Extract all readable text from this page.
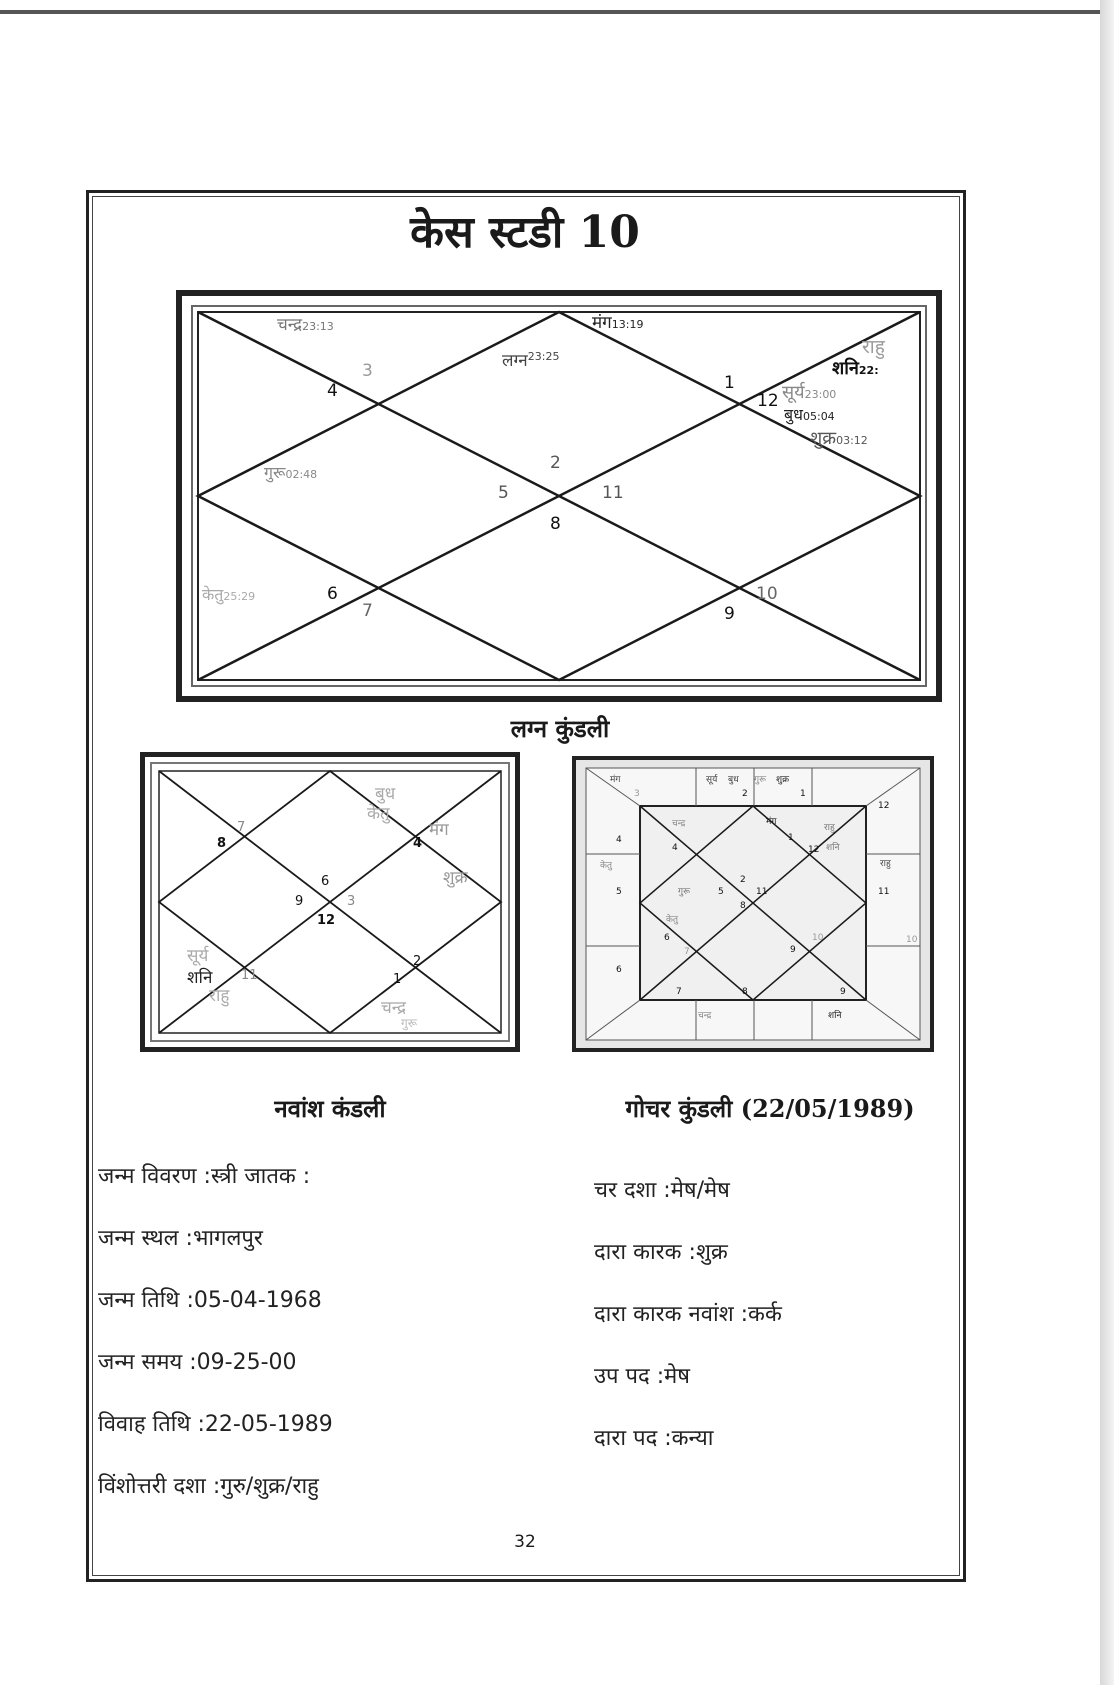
केस स्टडी 10
4
3
1
12
2
5	11
8
6
7
10
9
चन्द्र23:13	मंग13:19
लग्न$^{23:25}$	राहु
शनि22:
सूर्य23:00
बुध05:04
शुक्र03:12
गुरू02:48
केतु25:29
लग्न कुंडली
7
8	4
6
9	3
12
11
2
1
बुध
केतु
मंग
शुक्र
सूर्य
शनि
राहु
चन्द्र
गुरू
नवांश कंडली
3	2	1
12
4
5	11
6
7	8	9
10
4
1
12
2
5	11
8
6
7	9
10
मंग	सूर्य बुध गुरू शुक्र
चन्द्र	मंग
राहु
शनि
केतु	राहु
गुरू
केतु
चन्द्र	शनि
गोचर कुंडली (22/05/1989)
जन्म विवरण :स्त्री जातक :
जन्म स्थल :भागलपुर
जन्म तिथि :05-04-1968
जन्म समय :09-25-00
विवाह तिथि :22-05-1989
विंशोत्तरी दशा :गुरु/शुक्र/राहु
चर दशा :मेष/मेष
दारा कारक :शुक्र
दारा कारक नवांश :कर्क
उप पद :मेष
दारा पद :कन्या
32
